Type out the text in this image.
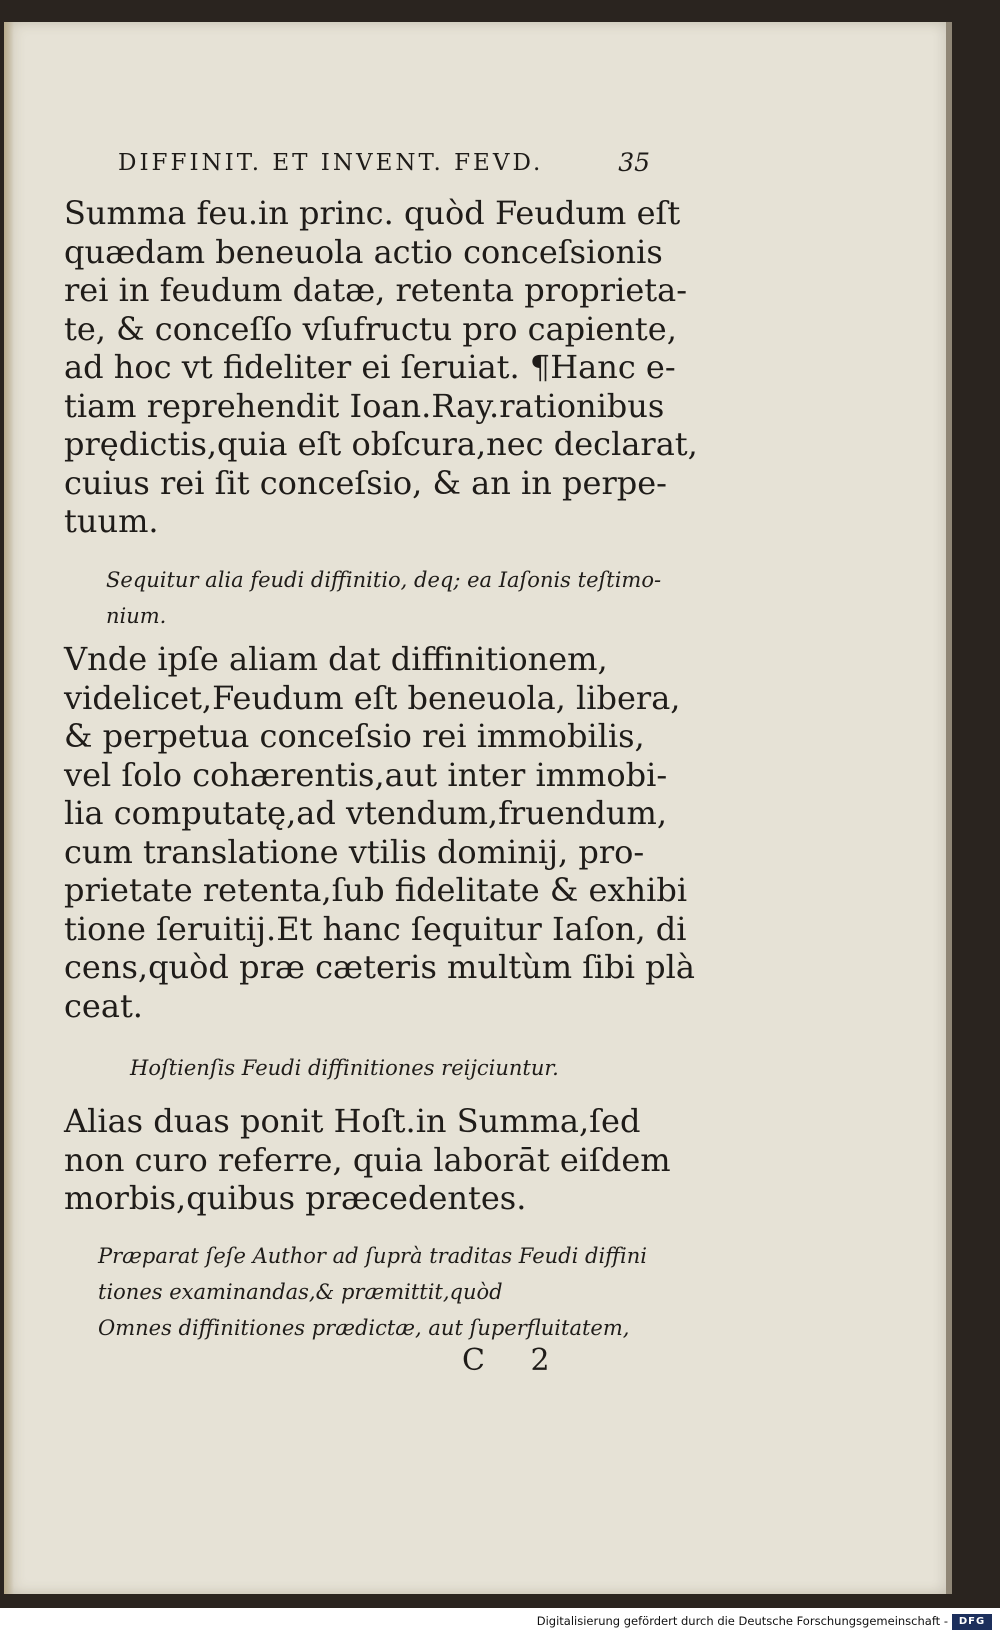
DIFFINIT. ET INVENT. FEVD.	35
Summa feu.in princ. quòd Feudum eſt
quædam beneuola actio conceſsionis
rei in feudum datæ, retenta proprieta-
te, & conceſſo vſufructu pro capiente,
ad hoc vt fideliter ei ſeruiat. ¶Hanc e-
tiam reprehendit Ioan.Ray.rationibus
prędictis,quia eſt obſcura,nec declarat,
cuius rei ſit conceſsio, & an in perpe-
tuum.
Sequitur alia feudi diffinitio, deq; ea Iaſonis teſtimo-
nium.
Vnde ipſe aliam dat diffinitionem,
videlicet,Feudum eſt beneuola, libera,
& perpetua conceſsio rei immobilis,
vel ſolo cohærentis,aut inter immobi-
lia computatę,ad vtendum,fruendum,
cum translatione vtilis dominij, pro-
prietate retenta,ſub fidelitate & exhibi
tione ſeruitij.Et hanc ſequitur Iaſon, di
cens,quòd præ cæteris multùm ſibi plà
ceat.
Hoſtienſis Feudi diffinitiones reijciuntur.
Alias duas ponit Hoſt.in Summa,ſed
non curo referre, quia laborāt eiſdem
morbis,quibus præcedentes.
Præparat ſeſe Author ad ſuprà traditas Feudi diffini
tiones examinandas,& præmittit,quòd
Omnes diffinitiones prædictæ, aut ſuperfluitatem,
C 2
Digitalisierung gefördert durch die Deutsche Forschungsgemeinschaft -	DFG
